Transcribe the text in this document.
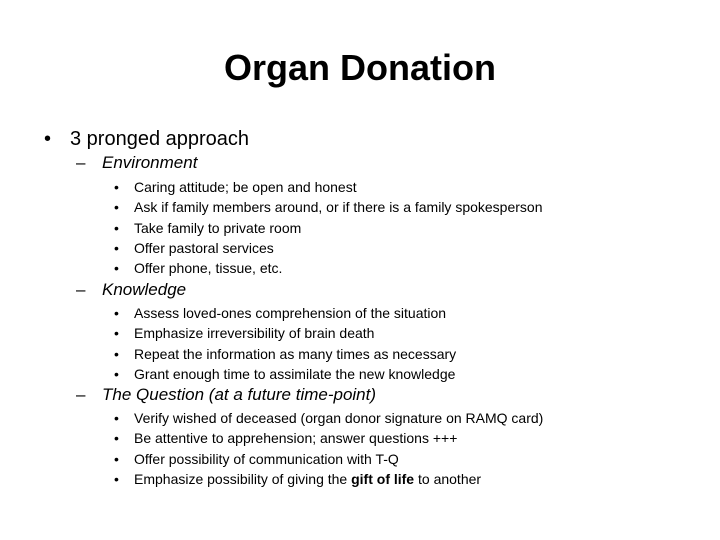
Organ Donation
• 3 pronged approach
– Environment
• Caring attitude; be open and honest
• Ask if family members around, or if there is a family spokesperson
• Take family to private room
• Offer pastoral services
• Offer phone, tissue, etc.
– Knowledge
• Assess loved-ones comprehension of the situation
• Emphasize irreversibility of brain death
• Repeat the information as many times as necessary
• Grant enough time to assimilate the new knowledge
– The Question (at a future time-point)
• Verify wished of deceased (organ donor signature on RAMQ card)
• Be attentive to apprehension; answer questions +++
• Offer possibility of communication with T-Q
• Emphasize possibility of giving the gift of life to another
